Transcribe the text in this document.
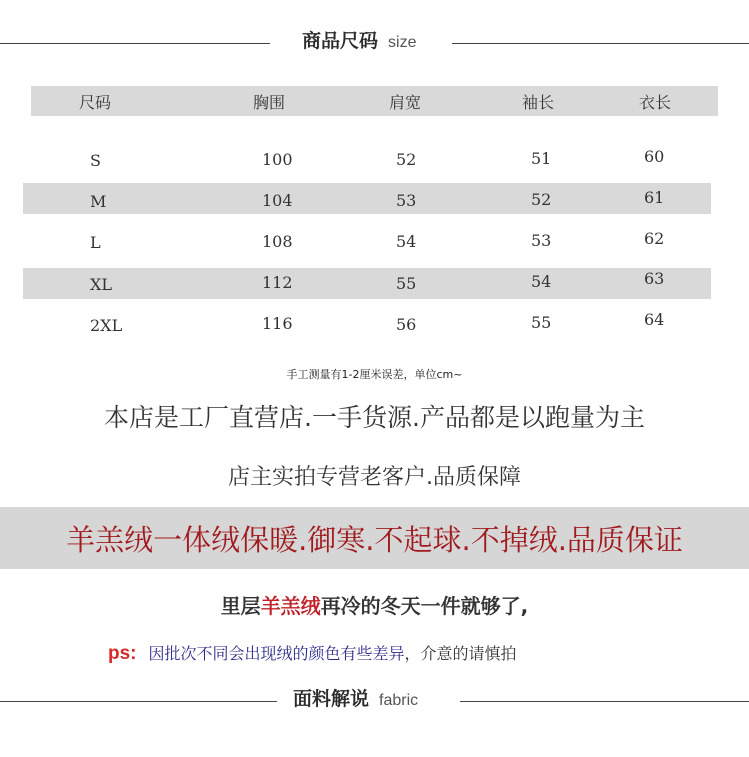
商品尺码 size
尺码	胸围	肩宽	袖长	衣长
S	100	52	51	60
M	104	53	52	61
L	108	54	53	62
XL	112	55	54	63
2XL	116	56	55	64
手工测量有1-2厘米误差，单位cm~
本店是工厂直营店.一手货源.产品都是以跑量为主
店主实拍专营老客户.品质保障
羊羔绒一体绒保暖.御寒.不起球.不掉绒.品质保证
里层羊羔绒再冷的冬天一件就够了,
ps: 因批次不同会出现绒的颜色有些差异 ，介意的请慎拍
面料解说 fabric
